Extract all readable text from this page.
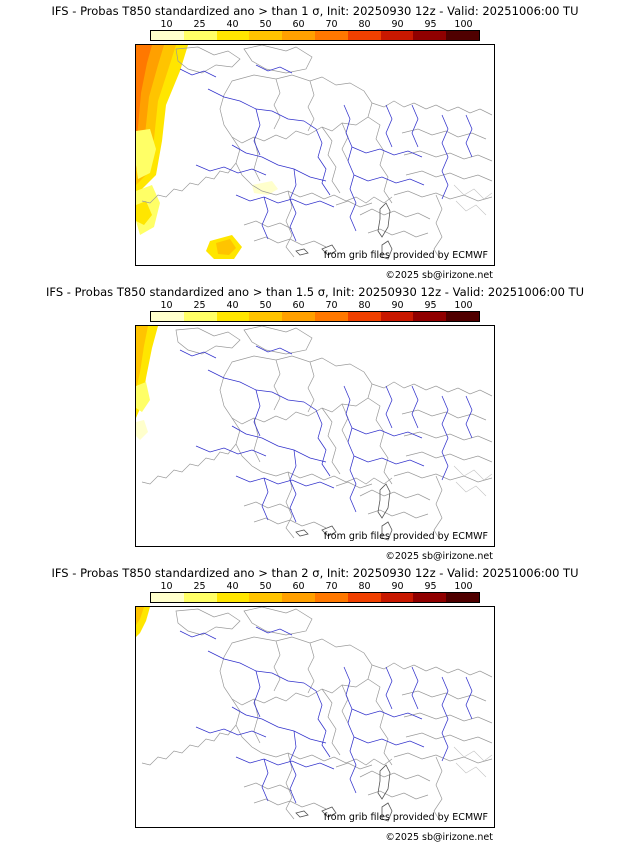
IFS - Probas T850 standardized ano > than 1 σ, Init: 20250930 12z - Valid: 20251006:00 TU
10 25 40 50 60 70 80 90 95 100
from grib files provided by ECMWF
©2025 sb@irizone.net
IFS - Probas T850 standardized ano > than 1.5 σ, Init: 20250930 12z - Valid: 20251006:00 TU
10 25 40 50 60 70 80 90 95 100
from grib files provided by ECMWF
©2025 sb@irizone.net
IFS - Probas T850 standardized ano > than 2 σ, Init: 20250930 12z - Valid: 20251006:00 TU
10 25 40 50 60 70 80 90 95 100
from grib files provided by ECMWF
©2025 sb@irizone.net
